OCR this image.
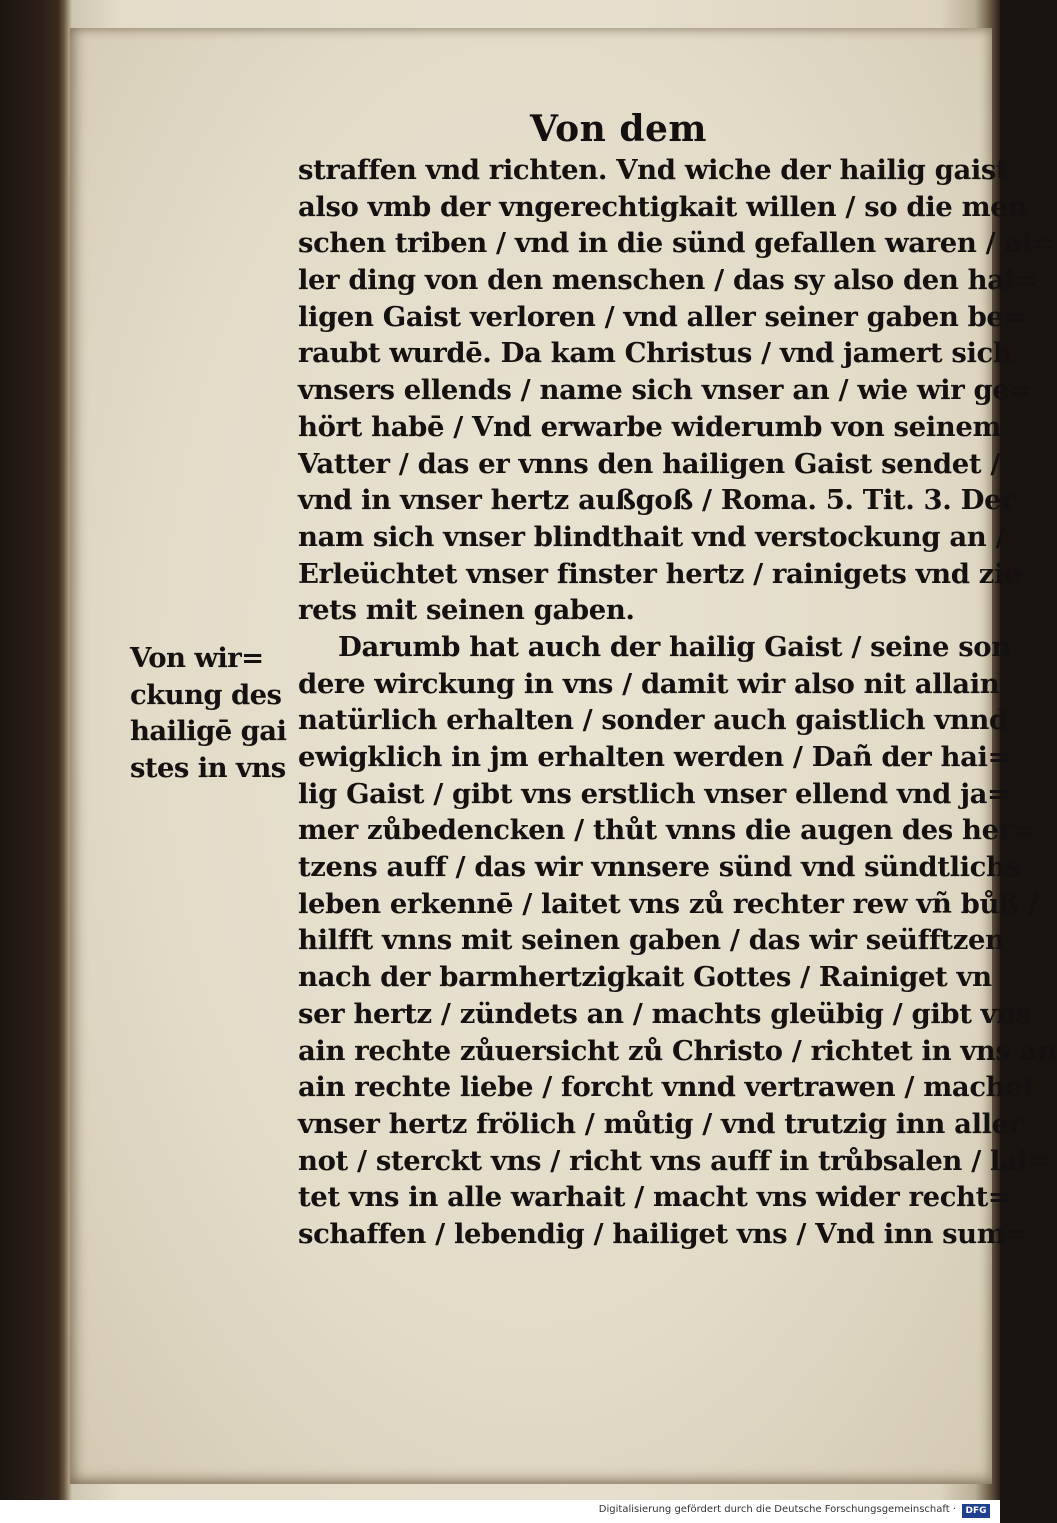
Von dem
Von wir=
ckung des
hailigē gai
stes in vns
straffen vnd richten. Vnd wiche der hailig gaist
also vmb der vngerechtigkait willen / so die men
schen triben / vnd in die sünd gefallen waren / al=
ler ding von den menschen / das sy also den hai=
ligen Gaist verloren / vnd aller seiner gaben be=
raubt wurdē. Da kam Christus / vnd jamert sich
vnsers ellends / name sich vnser an / wie wir ge=
hört habē / Vnd erwarbe widerumb von seinem
Vatter / das er vnns den hailigen Gaist sendet /
vnd in vnser hertz außgoß / Roma. 5. Tit. 3. Der
nam sich vnser blindthait vnd verstockung an /
Erleüchtet vnser finster hertz / rainigets vnd zie
rets mit seinen gaben.
Darumb hat auch der hailig Gaist / seine son
dere wirckung in vns / damit wir also nit allain
natürlich erhalten / sonder auch gaistlich vnnd
ewigklich in jm erhalten werden / Dañ der hai=
lig Gaist / gibt vns erstlich vnser ellend vnd ja=
mer zůbedencken / thůt vnns die augen des her=
tzens auff / das wir vnnsere sünd vnd sündtlichs
leben erkennē / laitet vns zů rechter rew vñ bůß /
hilfft vnns mit seinen gaben / das wir seüfftzen
nach der barmhertzigkait Gottes / Rainiget vn
ser hertz / zündets an / machts gleübig / gibt vns
ain rechte zůuersicht zů Christo / richtet in vns an
ain rechte liebe / forcht vnnd vertrawen / machet
vnser hertz frölich / můtig / vnd trutzig inn aller
not / sterckt vns / richt vns auff in trůbsalen / lai=
tet vns in alle warhait / macht vns wider recht=
schaffen / lebendig / hailiget vns / Vnd inn sum=
Digitalisierung gefördert durch die Deutsche Forschungsgemeinschaft ·	DFG
